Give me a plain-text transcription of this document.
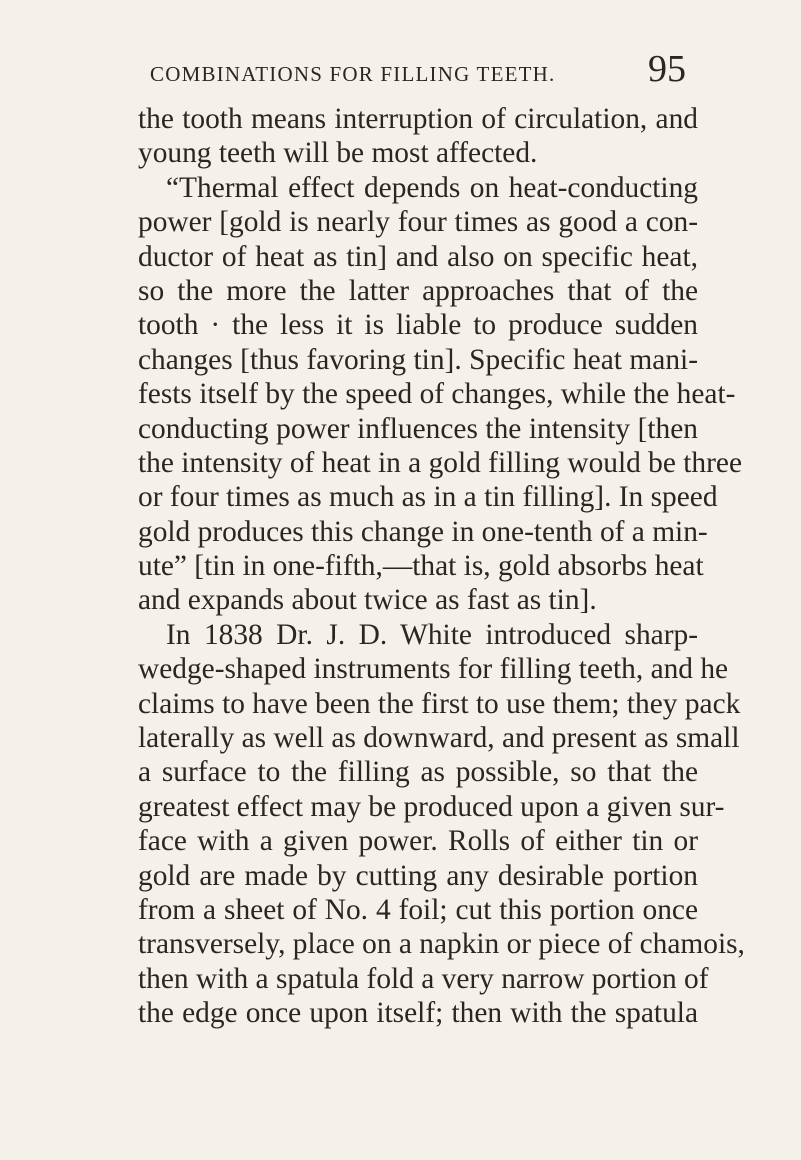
COMBINATIONS FOR FILLING TEETH. 95
the tooth means interruption of circulation, and
young teeth will be most affected.
“Thermal effect depends on heat-conducting
power [gold is nearly four times as good a con-
ductor of heat as tin] and also on specific heat,
so the more the latter approaches that of the
tooth · the less it is liable to produce sudden
changes [thus favoring tin]. Specific heat mani-
fests itself by the speed of changes, while the heat-
conducting power influences the intensity [then
the intensity of heat in a gold filling would be three
or four times as much as in a tin filling]. In speed
gold produces this change in one-tenth of a min-
ute” [tin in one-fifth,—that is, gold absorbs heat
and expands about twice as fast as tin].
In 1838 Dr. J. D. White introduced sharp-
wedge-shaped instruments for filling teeth, and he
claims to have been the first to use them; they pack
laterally as well as downward, and present as small
a surface to the filling as possible, so that the
greatest effect may be produced upon a given sur-
face with a given power. Rolls of either tin or
gold are made by cutting any desirable portion
from a sheet of No. 4 foil; cut this portion once
transversely, place on a napkin or piece of chamois,
then with a spatula fold a very narrow portion of
the edge once upon itself; then with the spatula
